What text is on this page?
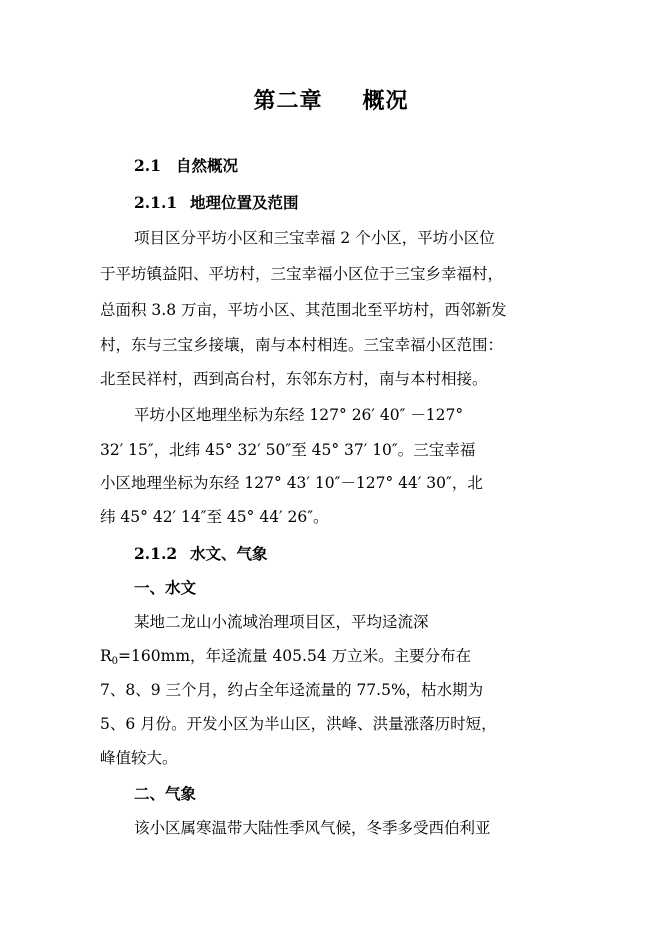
第二章 概况
2.1 自然概况
2.1.1 地理位置及范围
项目区分平坊小区和三宝幸福 2 个小区，平坊小区位
于平坊镇益阳、平坊村，三宝幸福小区位于三宝乡幸福村，
总面积 3.8 万亩，平坊小区、其范围北至平坊村，西邻新发
村，东与三宝乡接壤，南与本村相连。三宝幸福小区范围：
北至民祥村，西到高台村，东邻东方村，南与本村相接。
平坊小区地理坐标为东经 127° 26′ 40″ －127°
32′ 15″，北纬 45° 32′ 50″至 45° 37′ 10″。三宝幸福
小区地理坐标为东经 127° 43′ 10″－127° 44′ 30″，北
纬 45° 42′ 14″至 45° 44′ 26″。
2.1.2 水文、气象
一、水文
某地二龙山小流域治理项目区，平均迳流深
$R_0=160mm$，年迳流量 405.54 万立米。主要分布在
7、8、9 三个月，约占全年迳流量的 77.5%，枯水期为
5、6 月份。开发小区为半山区，洪峰、洪量涨落历时短，
峰值较大。
二、气象
该小区属寒温带大陆性季风气候，冬季多受西伯利亚
